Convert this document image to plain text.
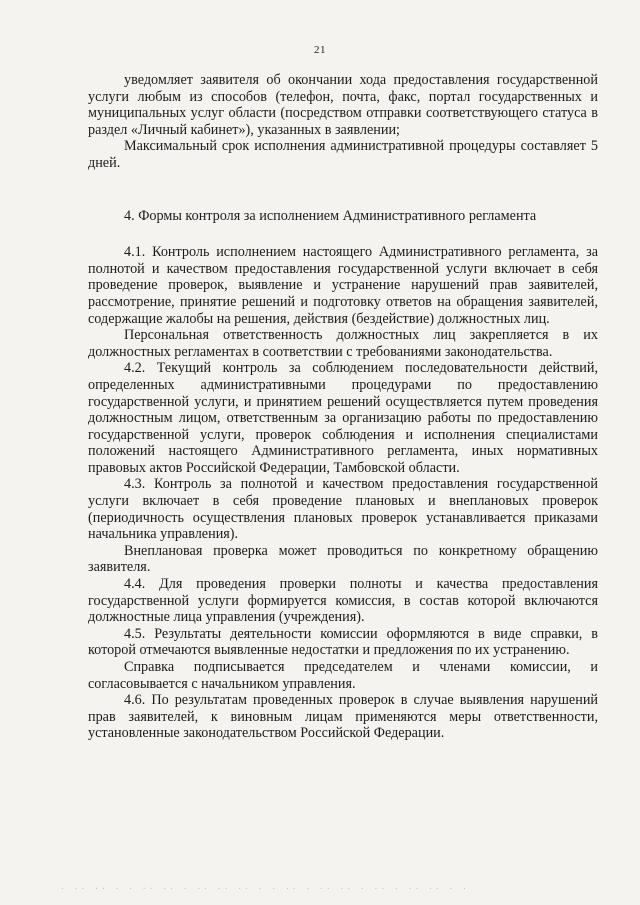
21

уведомляет заявителя об окончании хода предоставления государственной услуги любым из способов (телефон, почта, факс, портал государственных и муниципальных услуг области (посредством отправки соответствующего статуса в раздел «Личный кабинет»), указанных в заявлении;

Максимальный срок исполнения административной процедуры составляет 5 дней.

4. Формы контроля за исполнением Административного регламента

4.1. Контроль исполнением настоящего Административного регламента, за полнотой и качеством предоставления государственной услуги включает в себя проведение проверок, выявление и устранение нарушений прав заявителей, рассмотрение, принятие решений и подготовку ответов на обращения заявителей, содержащие жалобы на решения, действия (бездействие) должностных лиц.

Персональная ответственность должностных лиц закрепляется в их должностных регламентах в соответствии с требованиями законодательства.

4.2. Текущий контроль за соблюдением последовательности действий, определенных административными процедурами по предоставлению государственной услуги, и принятием решений осуществляется путем проведения должностным лицом, ответственным за организацию работы по предоставлению государственной услуги, проверок соблюдения и исполнения специалистами положений настоящего Административного регламента, иных нормативных правовых актов Российской Федерации, Тамбовской области.

4.3. Контроль за полнотой и качеством предоставления государственной услуги включает в себя проведение плановых и внеплановых проверок (периодичность осуществления плановых проверок устанавливается приказами начальника управления).

Внеплановая проверка может проводиться по конкретному обращению заявителя.

4.4. Для проведения проверки полноты и качества предоставления государственной услуги формируется комиссия, в состав которой включаются должностные лица управления (учреждения).

4.5. Результаты деятельности комиссии оформляются в виде справки, в которой отмечаются выявленные недостатки и предложения по их устранению.

Справка подписывается председателем и членами комиссии, и согласовывается с начальником управления.

4.6. По результатам проведенных проверок в случае выявления нарушений прав заявителей, к виновным лицам применяются меры ответственности, установленные законодательством Российской Федерации.

· ·· ·· · · ·· ·· · ·· ·· ·· · · ·· · ·· ·· · ·· · ·· ·· · ·
